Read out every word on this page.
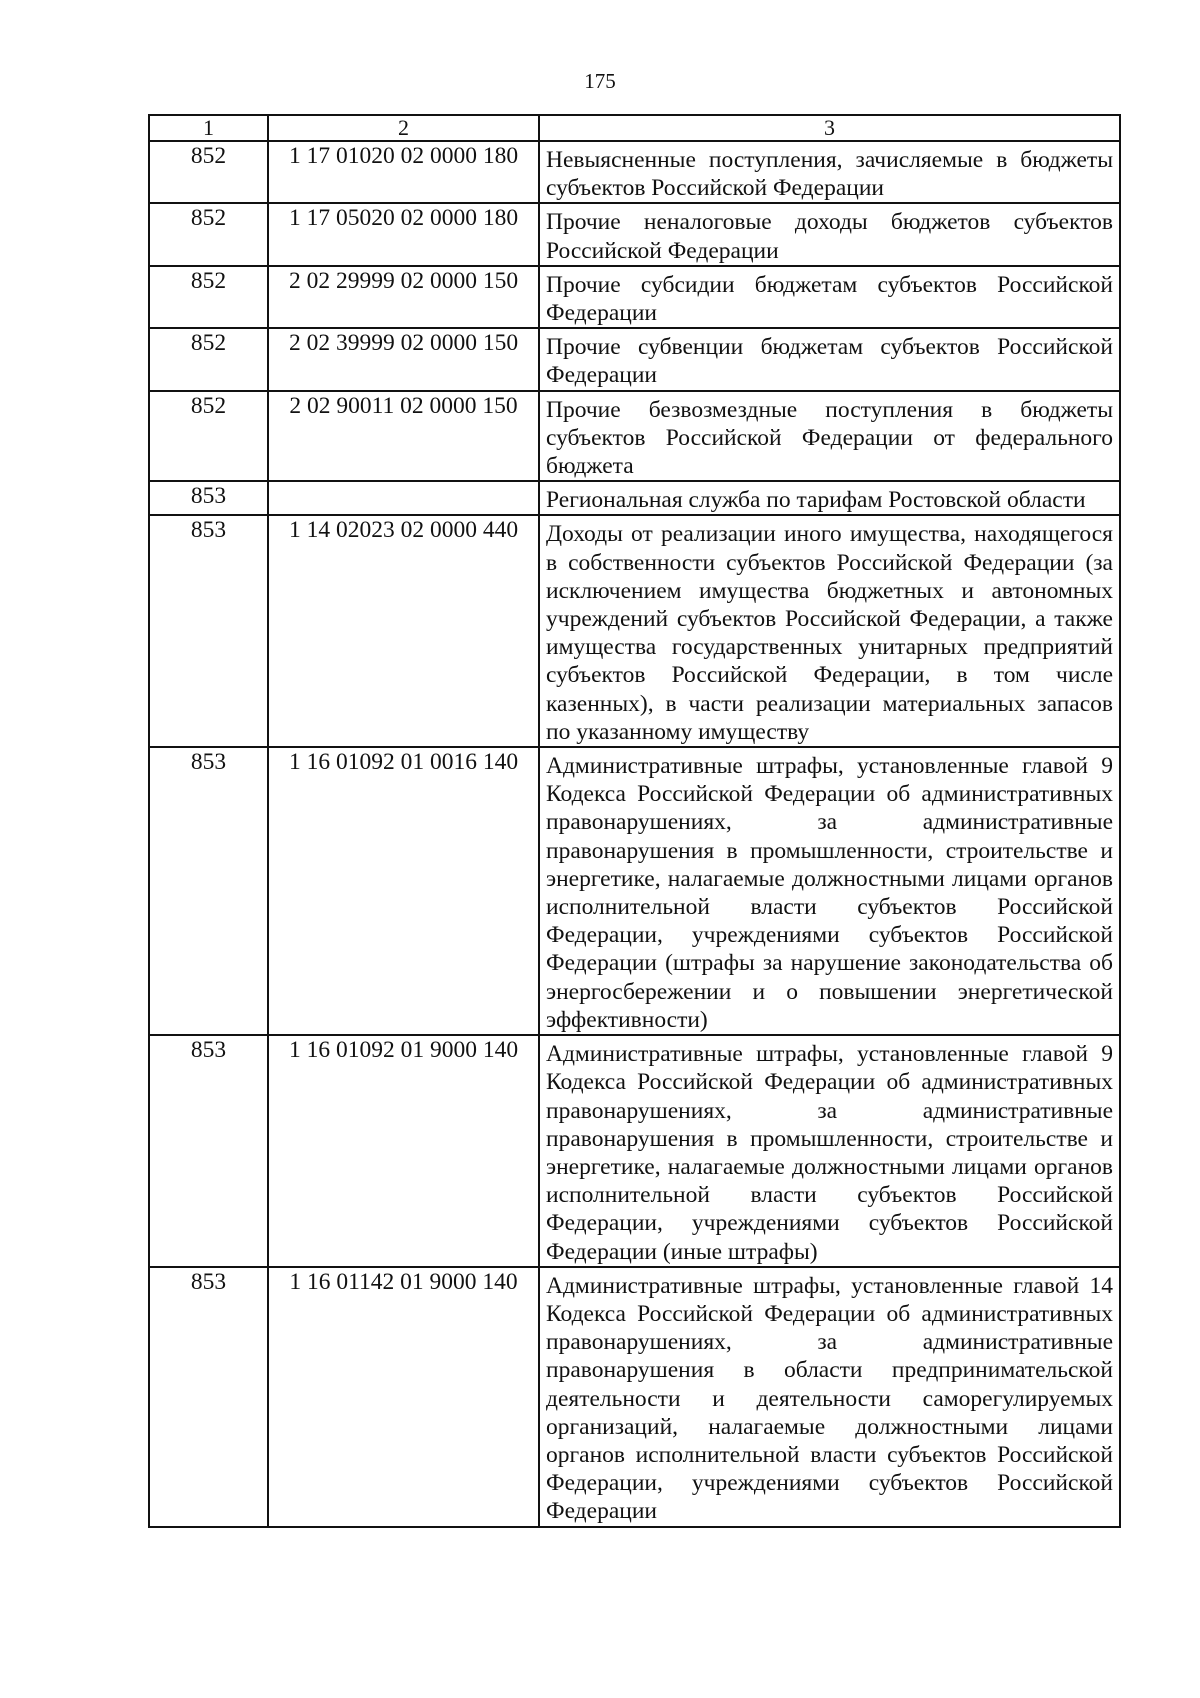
175
1	2	3
852	1 17 01020 02 0000 180	Невыясненные поступления, зачисляемые в бюджеты субъектов Российской Федерации
852	1 17 05020 02 0000 180	Прочие неналоговые доходы бюджетов субъектов Российской Федерации
852	2 02 29999 02 0000 150	Прочие субсидии бюджетам субъектов Российской Федерации
852	2 02 39999 02 0000 150	Прочие субвенции бюджетам субъектов Российской Федерации
852	2 02 90011 02 0000 150	Прочие безвозмездные поступления в бюджеты субъектов Российской Федерации от федерального бюджета
853		Региональная служба по тарифам Ростовской области
853	1 14 02023 02 0000 440	Доходы от реализации иного имущества, находящегося в собственности субъектов Российской Федерации (за исключением имущества бюджетных и автономных учреждений субъектов Российской Федерации, а также имущества государственных унитарных предприятий субъектов Российской Федерации, в том числе казенных), в части реализации материальных запасов по указанному имуществу
853	1 16 01092 01 0016 140	Административные штрафы, установленные главой 9 Кодекса Российской Федерации об административных правонарушениях, за административные правонарушения в промышленности, строительстве и энергетике, налагаемые должностными лицами органов исполнительной власти субъектов Российской Федерации, учреждениями субъектов Российской Федерации (штрафы за нарушение законодательства об энергосбережении и о повышении энергетической эффективности)
853	1 16 01092 01 9000 140	Административные штрафы, установленные главой 9 Кодекса Российской Федерации об административных правонарушениях, за административные правонарушения в промышленности, строительстве и энергетике, налагаемые должностными лицами органов исполнительной власти субъектов Российской Федерации, учреждениями субъектов Российской Федерации (иные штрафы)
853	1 16 01142 01 9000 140	Административные штрафы, установленные главой 14 Кодекса Российской Федерации об административных правонарушениях, за административные правонарушения в области предпринимательской деятельности и деятельности саморегулируемых организаций, налагаемые должностными лицами органов исполнительной власти субъектов Российской Федерации, учреждениями субъектов Российской Федерации
